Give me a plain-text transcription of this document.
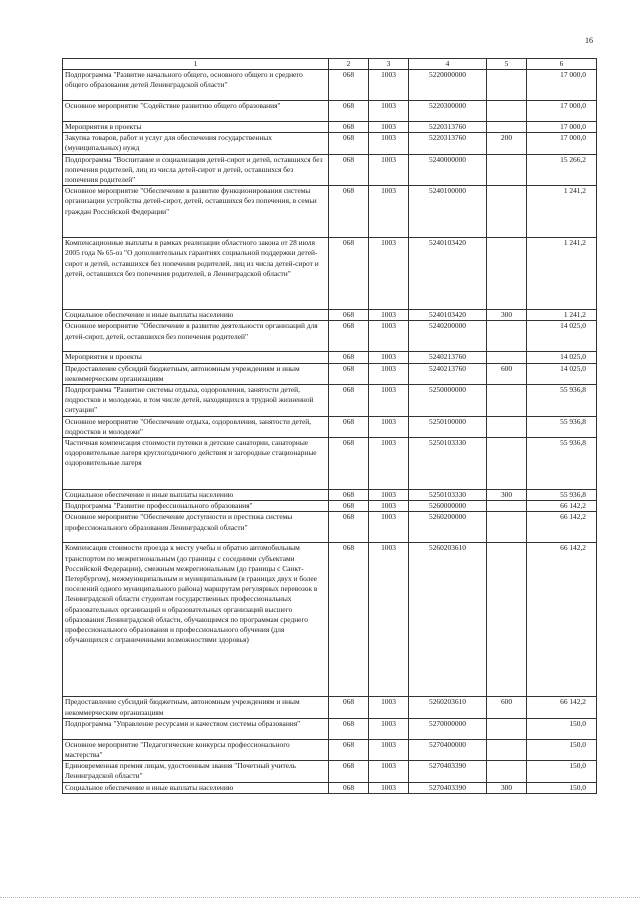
16
1	2	3	4	5	6
Подпрограмма "Развитие начального общего, основного общего и среднего общего образования детей Ленинградской области"	068	1003	5220000000		17 000,0
Основное мероприятие "Содействие развитию общего образования"	068	1003	5220300000		17 000,0
Мероприятия в проекты	068	1003	5220313760		17 000,0
Закупка товаров, работ и услуг для обеспечения государственных (муниципальных) нужд	068	1003	5220313760	200	17 000,0
Подпрограмма "Воспитание и социализация детей-сирот и детей, оставшихся без попечения родителей, лиц из числа детей-сирот и детей, оставшихся без попечения родителей"	068	1003	5240000000		15 266,2
Основное мероприятие "Обеспечение в развитие функционирования системы организации устройства детей-сирот, детей, оставшихся без попечения, в семьи граждан Российской Федерации"	068	1003	5240100000		1 241,2
Компенсационные выплаты в рамках реализации областного закона от 28 июля 2005 года № 65-оз "О дополнительных гарантиях социальной поддержки детей-сирот и детей, оставшихся без попечения родителей, лиц из числа детей-сирот и детей, оставшихся без попечения родителей, в Ленинградской области"	068	1003	5240103420		1 241,2
Социальное обеспечение и иные выплаты населению	068	1003	5240103420	300	1 241,2
Основное мероприятие "Обеспечение в развитие деятельности организаций для детей-сирот, детей, оставшихся без попечения родителей"	068	1003	5240200000		14 025,0
Мероприятия и проекты	068	1003	5240213760		14 025,0
Предоставление субсидий бюджетным, автономным учреждениям и иным некоммерческим организациям	068	1003	5240213760	600	14 025,0
Подпрограмма "Развитие системы отдыха, оздоровления, занятости детей, подростков и молодежи, в том числе детей, находящихся в трудной жизненной ситуации"	068	1003	5250000000		55 936,8
Основное мероприятие "Обеспечение отдыха, оздоровления, занятости детей, подростков и молодежи"	068	1003	5250100000		55 936,8
Частичная компенсация стоимости путевки в детские санатории, санаторные оздоровительные лагеря круглогодичного действия и загородные стационарные оздоровительные лагеря	068	1003	5250103330		55 936,8
Социальное обеспечение и иные выплаты населению	068	1003	5250103330	300	55 936,8
Подпрограмма "Развитие профессионального образования"	068	1003	5260000000		66 142,2
Основное мероприятие "Обеспечение доступности и престижа системы профессионального образования Ленинградской области"	068	1003	5260200000		66 142,2
Компенсация стоимости проезда к месту учебы и обратно автомобильным транспортом по межрегиональным (до границы с соседними субъектами Российской Федерации), смежным межрегиональным (до границы с Санкт-Петербургом), межмуниципальным и муниципальным (в границах двух и более поселений одного муниципального района) маршрутам регулярных перевозок в Ленинградской области студентам государственных профессиональных образовательных организаций и образовательных организаций высшего образования Ленинградской области, обучающимся по программам среднего профессионального образования и профессионального обучения (для обучающихся с ограниченными возможностями здоровья)	068	1003	5260203610		66 142,2
Предоставление субсидий бюджетным, автономным учреждениям и иным некоммерческим организациям	068	1003	5260203610	600	66 142,2
Подпрограмма "Управление ресурсами и качеством системы образования"	068	1003	5270000000		150,0
Основное мероприятие "Педагогические конкурсы профессионального мастерства"	068	1003	5270400000		150,0
Единовременная премия лицам, удостоенным звания "Почетный учитель Ленинградской области"	068	1003	5270403390		150,0
Социальное обеспечение и иные выплаты населению	068	1003	5270403390	300	150,0
